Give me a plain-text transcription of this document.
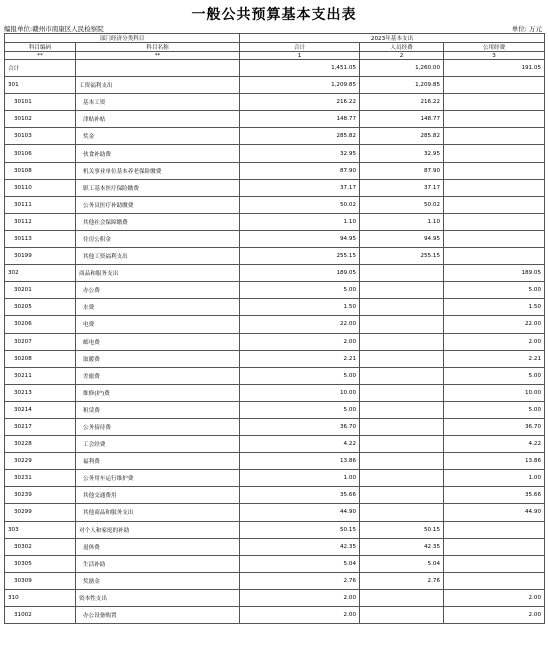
一般公共预算基本支出表
编报单位:赣州市南康区人民检察院	单位: 万元
部门经济分类科目		2023年基本支出		
科目编码	科目名称	合计	人员经费	公用经费
**	**	1	2	3
合计		1,451.05	1,260.00	191.05
301	工资福利支出	1,209.85	1,209.85	
30101	基本工资	216.22	216.22	
30102	津贴补贴	148.77	148.77	
30103	奖金	285.82	285.82	
30106	伙食补助费	32.95	32.95	
30108	机关事业单位基本养老保险缴费	87.90	87.90	
30110	职工基本医疗保险缴费	37.17	37.17	
30111	公务员医疗补助缴费	50.02	50.02	
30112	其他社会保障缴费	1.10	1.10	
30113	住房公积金	94.95	94.95	
30199	其他工资福利支出	255.15	255.15	
302	商品和服务支出	189.05		189.05
30201	办公费	5.00		5.00
30205	水费	1.50		1.50
30206	电费	22.00		22.00
30207	邮电费	2.00		2.00
30208	取暖费	2.21		2.21
30211	差旅费	5.00		5.00
30213	维修(护)费	10.00		10.00
30214	租赁费	5.00		5.00
30217	公务接待费	36.70		36.70
30228	工会经费	4.22		4.22
30229	福利费	13.86		13.86
30231	公务用车运行维护费	1.00		1.00
30239	其他交通费用	35.66		35.66
30299	其他商品和服务支出	44.90		44.90
303	对个人和家庭的补助	50.15	50.15	
30302	退休费	42.35	42.35	
30305	生活补助	5.04	5.04	
30309	奖励金	2.76	2.76	
310	资本性支出	2.00		2.00
31002	办公设备购置	2.00		2.00
